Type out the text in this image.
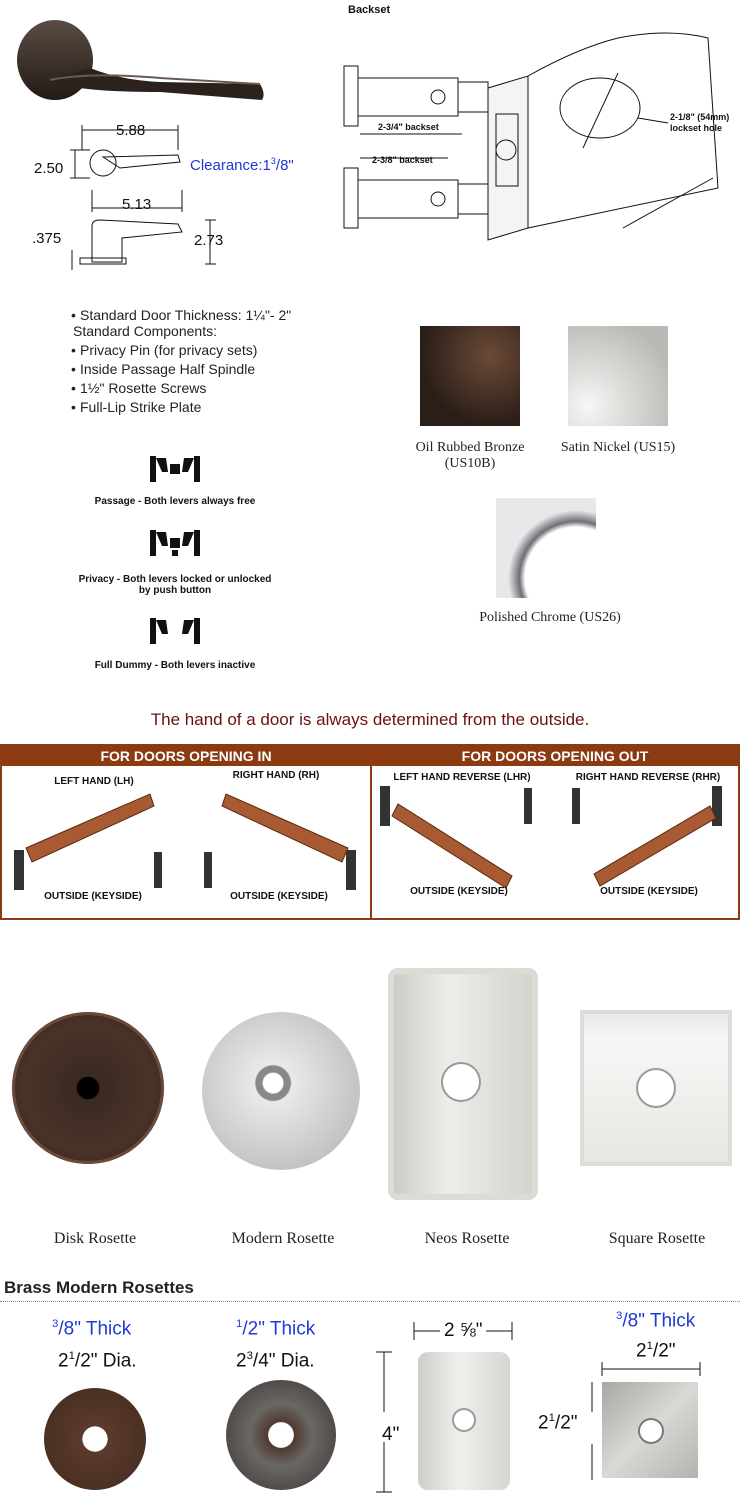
5.88
2.50
5.13
.375	2.73
$Clearance:1^3/8$"
Backset
2-3/4" backset
2-3/8" backset
2-1/8" (54mm)
lockset hole
• Standard Door Thickness: 1¼"- 2"
Standard Components:
• Privacy Pin (for privacy sets)
• Inside Passage Half Spindle
• 1½" Rosette Screws
• Full-Lip Strike Plate
Passage - Both levers always free
Privacy - Both levers locked or unlocked by push button
Full Dummy - Both levers inactive
Oil Rubbed Bronze
(US10B)
Satin Nickel (US15)
Polished Chrome (US26)
The hand of a door is always determined from the outside.
FOR DOORS OPENING IN	FOR DOORS OPENING OUT
LEFT HAND (LH)
RIGHT HAND (RH)	LEFT HAND REVERSE (LHR)	RIGHT HAND REVERSE (RHR)
OUTSIDE (KEYSIDE)	OUTSIDE (KEYSIDE)	OUTSIDE (KEYSIDE)	OUTSIDE (KEYSIDE)
Disk Rosette	Modern Rosette	Neos Rosette	Square Rosette
Brass Modern Rosettes
$^3$/8" Thick
$2^1/2$" Dia.
$^1$/2" Thick
$2^3/4$" Dia.
2 ⅝"
4"
$^3$/8" Thick
$2^1/2$"
$2^1/2$"
